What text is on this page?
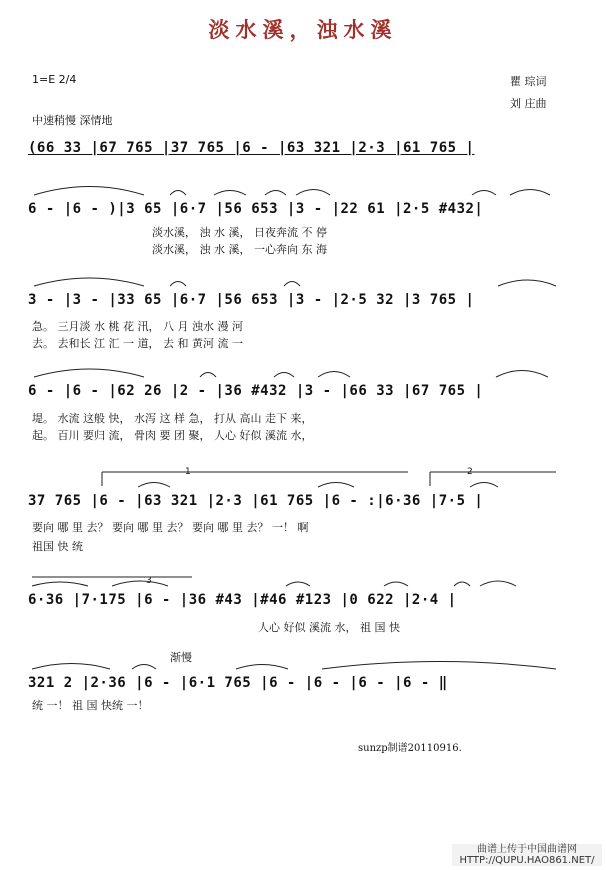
淡水溪，浊水溪
1=E 2/4	瞿 琮词
刘 庄曲
中速稍慢 深情地
(66 33 |67 765 |37 765 |6 - |63 321 |2·3 |61 765 |
6 - |6 - )|3 65 |6·7 |56 653 |3 - |22 61 |2·5 #432|
淡水溪， 浊 水 溪， 日夜奔流 不 停
淡水溪， 浊 水 溪， 一心奔向 东 海
3 - |3 - |33 65 |6·7 |56 653 |3 - |2·5 32 |3 765 |
急。 三月淡 水 桃 花 汛， 八 月 浊水 漫 河
去。 去和长 江 汇 一 道， 去 和 黄河 流 一
6 - |6 - |62 26 |2 - |36 #432 |3 - |66 33 |67 765 |
堤。 水流 这般 快， 水泻 这 样 急， 打从 高山 走下 来，
起。 百川 要归 流， 骨肉 要 团 聚， 人心 好似 溪流 水，
1	2
37 765 |6 - |63 321 |2·3 |61 765 |6 - :|6·36 |7·5 |
要向 哪 里 去？ 要向 哪 里 去？ 要向 哪 里 去？ 一！ 啊
祖国 快 统
3
6·36 |7·175 |6 - |36 #43 |#46 #123 |0 622 |2·4 |
人心 好似 溪流 水， 祖 国 快
渐慢
321 2 |2·36 |6 - |6·1 765 |6 - |6 - |6 - |6 - ‖
统 一！ 祖 国 快统 一！
sunzp制谱20110916.
曲谱上传于中国曲谱网
HTTP://QUPU.HAO861.NET/
